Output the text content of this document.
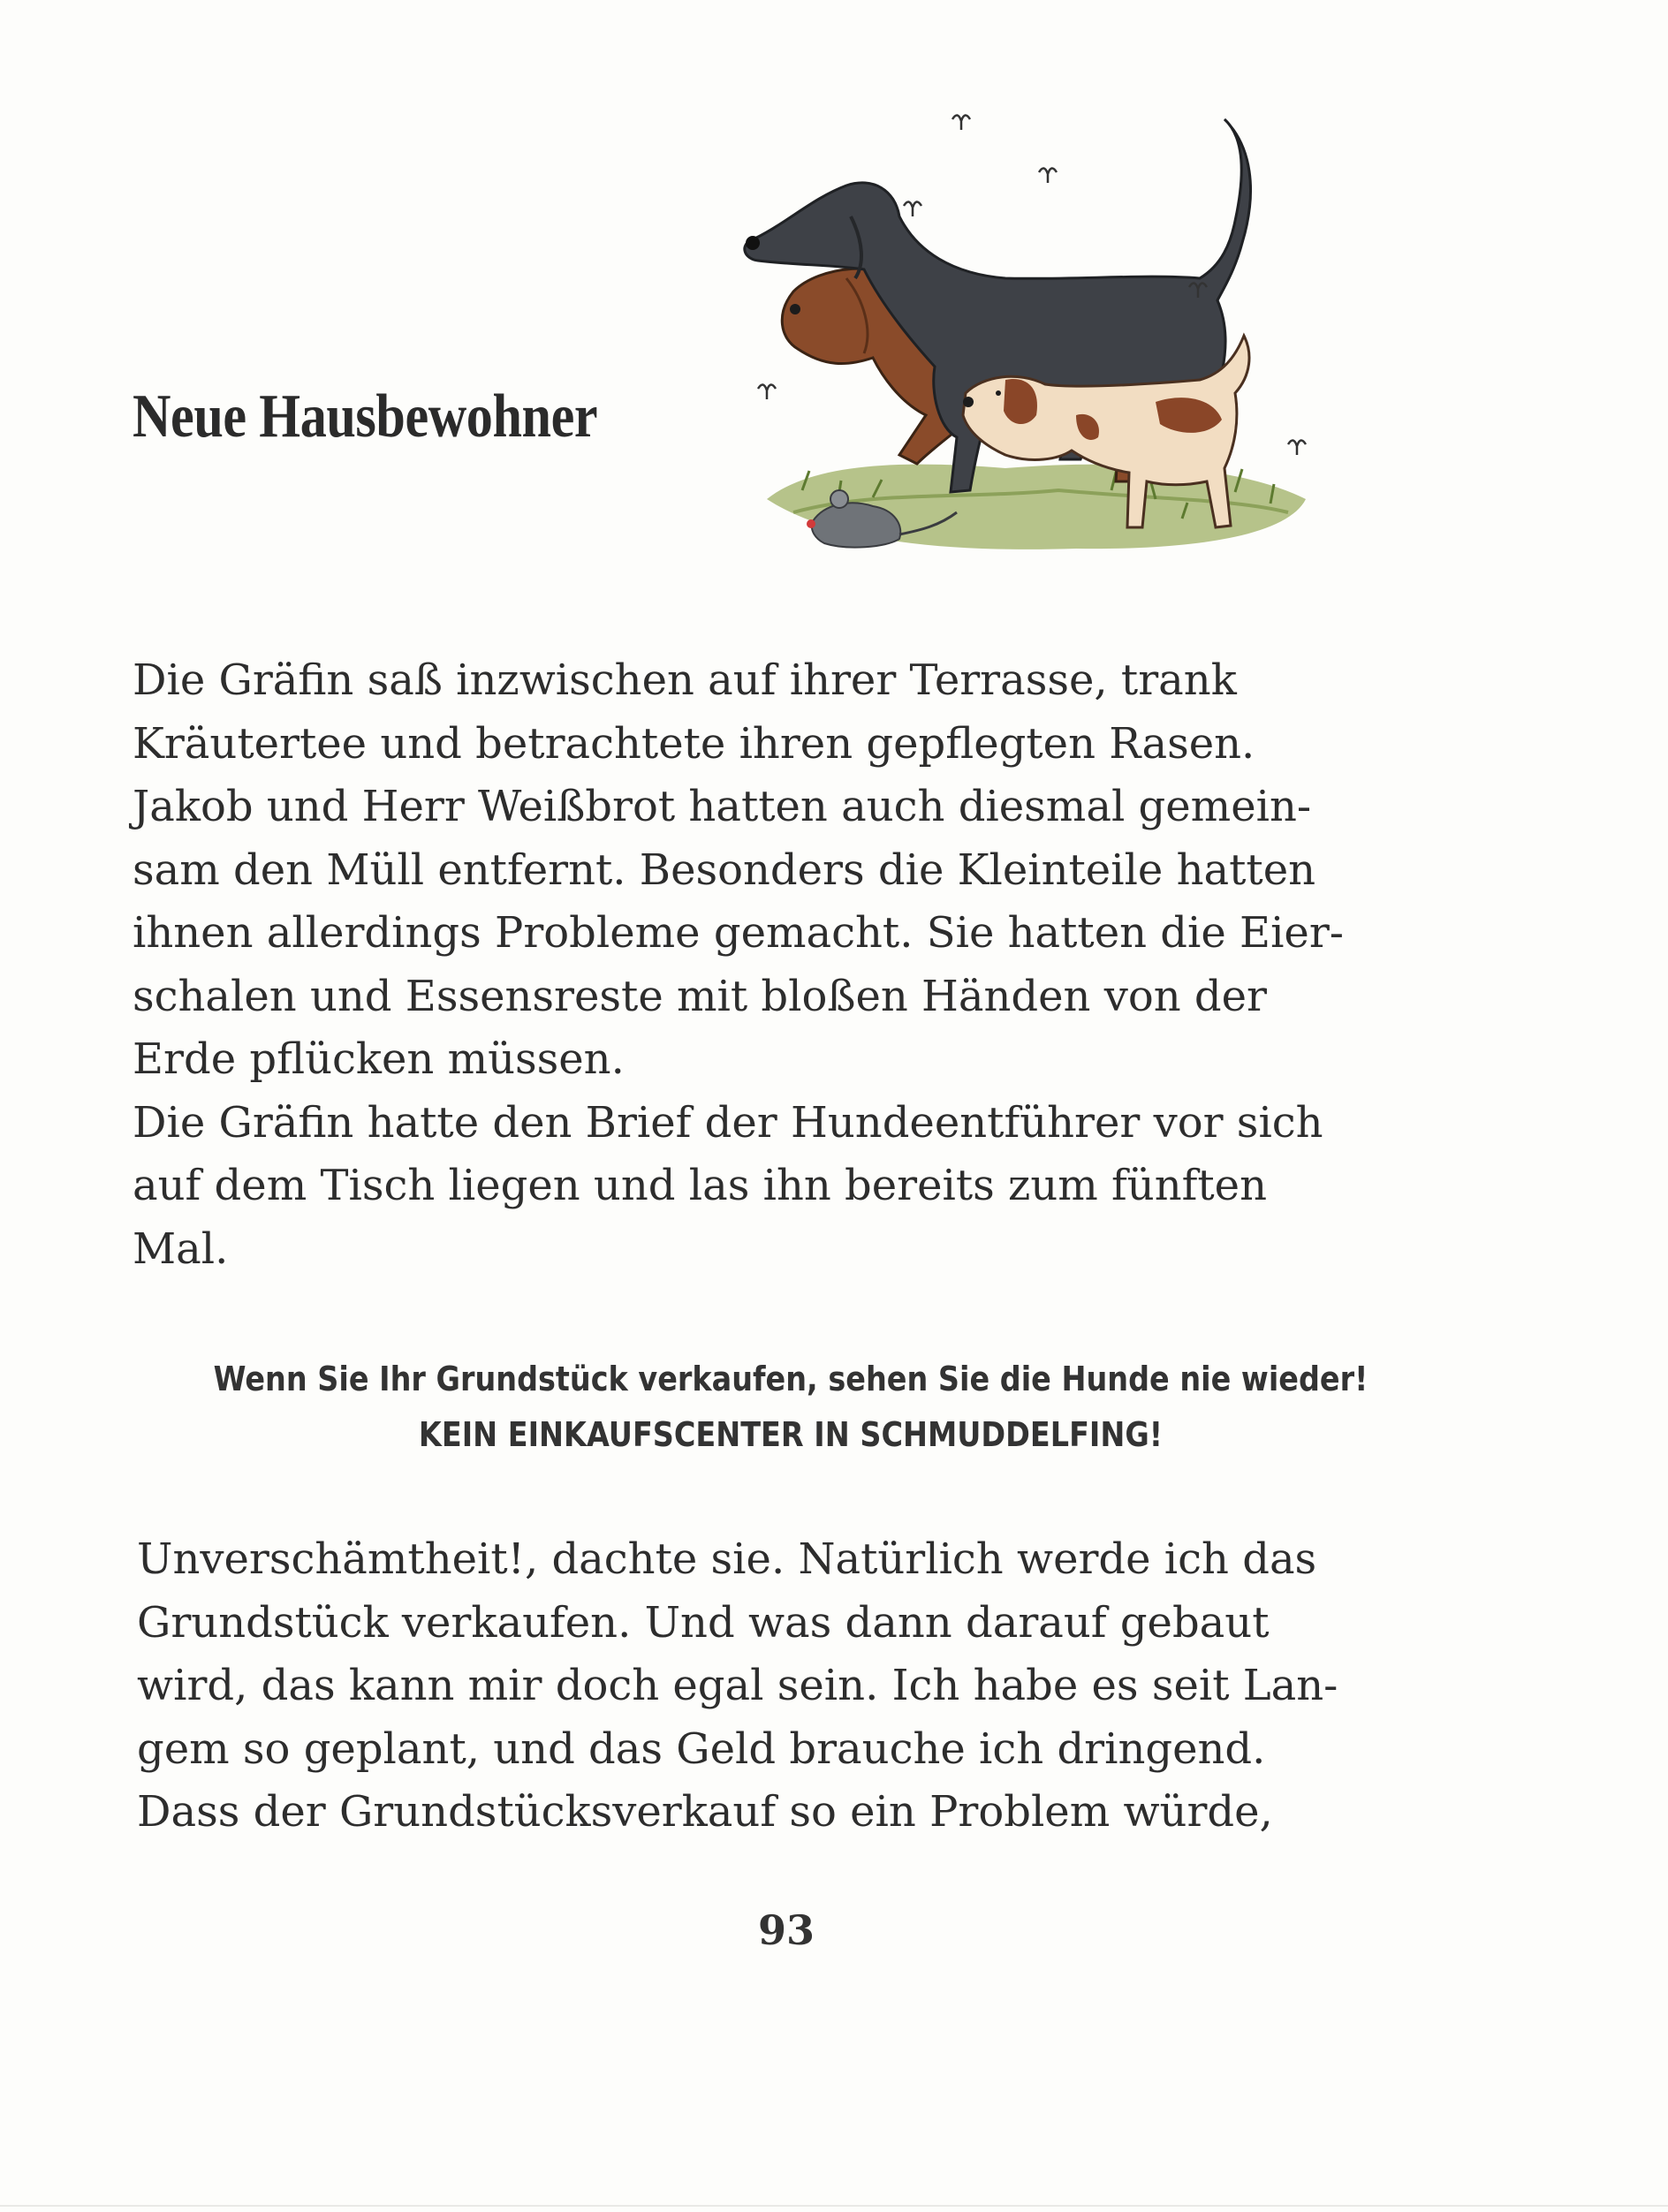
Neue Hausbewohner

Die Gräfin saß inzwischen auf ihrer Terrasse, trank
Kräutertee und betrachtete ihren gepflegten Rasen.
Jakob und Herr Weißbrot hatten auch diesmal gemein-
sam den Müll entfernt. Besonders die Kleinteile hatten
ihnen allerdings Probleme gemacht. Sie hatten die Eier-
schalen und Essensreste mit bloßen Händen von der
Erde pflücken müssen.
Die Gräfin hatte den Brief der Hundeentführer vor sich
auf dem Tisch liegen und las ihn bereits zum fünften
Mal.

Wenn Sie Ihr Grundstück verkaufen, sehen Sie die Hunde nie wieder!
KEIN EINKAUFSCENTER IN SCHMUDDELFING!

Unverschämtheit!, dachte sie. Natürlich werde ich das
Grundstück verkaufen. Und was dann darauf gebaut
wird, das kann mir doch egal sein. Ich habe es seit Lan-
gem so geplant, und das Geld brauche ich dringend.
Dass der Grundstücksverkauf so ein Problem würde,

93
